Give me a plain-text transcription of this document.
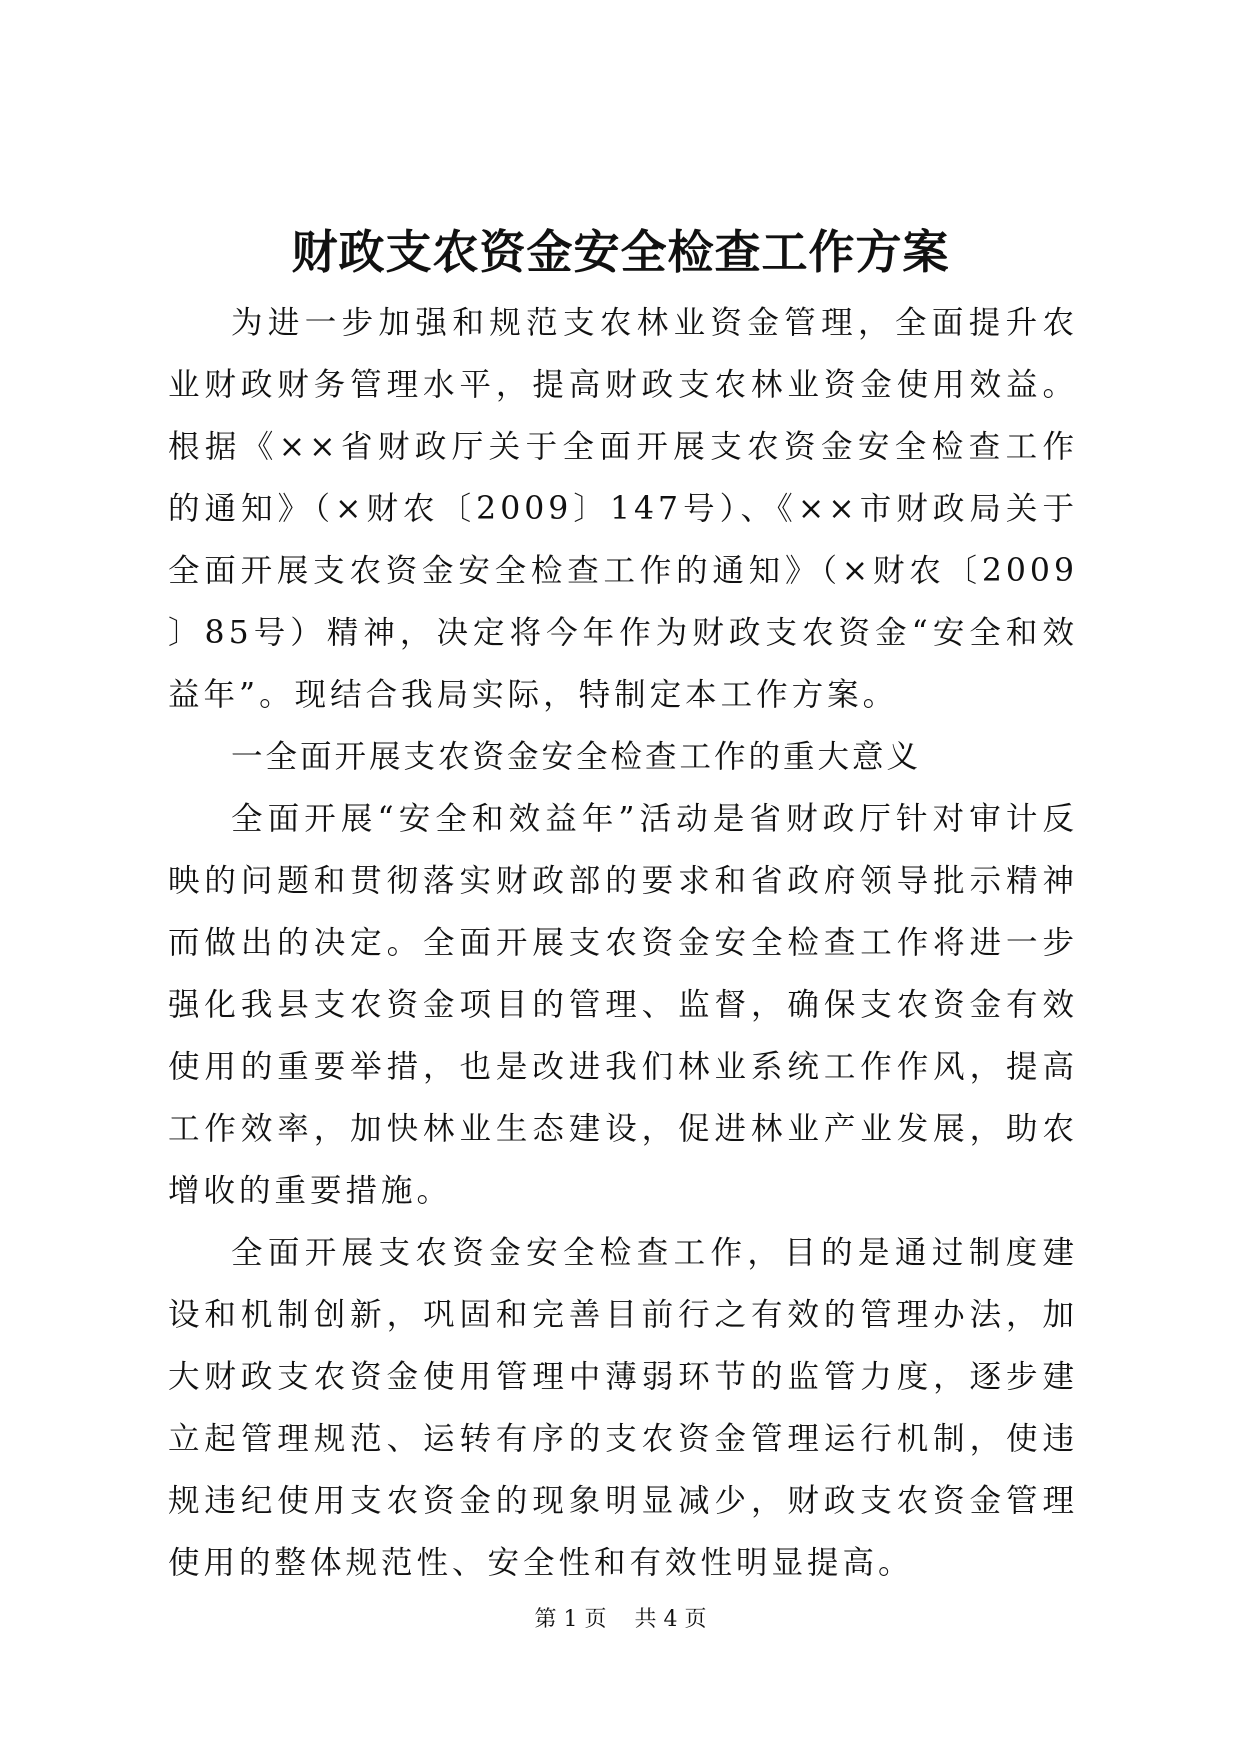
财政支农资金安全检查工作方案

为进一步加强和规范支农林业资金管理，全面提升农业财政财务管理水平，提高财政支农林业资金使用效益。根据《××省财政厅关于全面开展支农资金安全检查工作的通知》（×财农〔2009〕147号）、《××市财政局关于全面开展支农资金安全检查工作的通知》（×财农〔2009〕85号）精神，决定将今年作为财政支农资金“安全和效益年”。现结合我局实际，特制定本工作方案。

一全面开展支农资金安全检查工作的重大意义

全面开展“安全和效益年”活动是省财政厅针对审计反映的问题和贯彻落实财政部的要求和省政府领导批示精神而做出的决定。全面开展支农资金安全检查工作将进一步强化我县支农资金项目的管理、监督，确保支农资金有效使用的重要举措，也是改进我们林业系统工作作风，提高工作效率，加快林业生态建设，促进林业产业发展，助农增收的重要措施。

全面开展支农资金安全检查工作，目的是通过制度建设和机制创新，巩固和完善目前行之有效的管理办法，加大财政支农资金使用管理中薄弱环节的监管力度，逐步建立起管理规范、运转有序的支农资金管理运行机制，使违规违纪使用支农资金的现象明显减少，财政支农资金管理使用的整体规范性、安全性和有效性明显提高。

第 1 页 共 4 页
